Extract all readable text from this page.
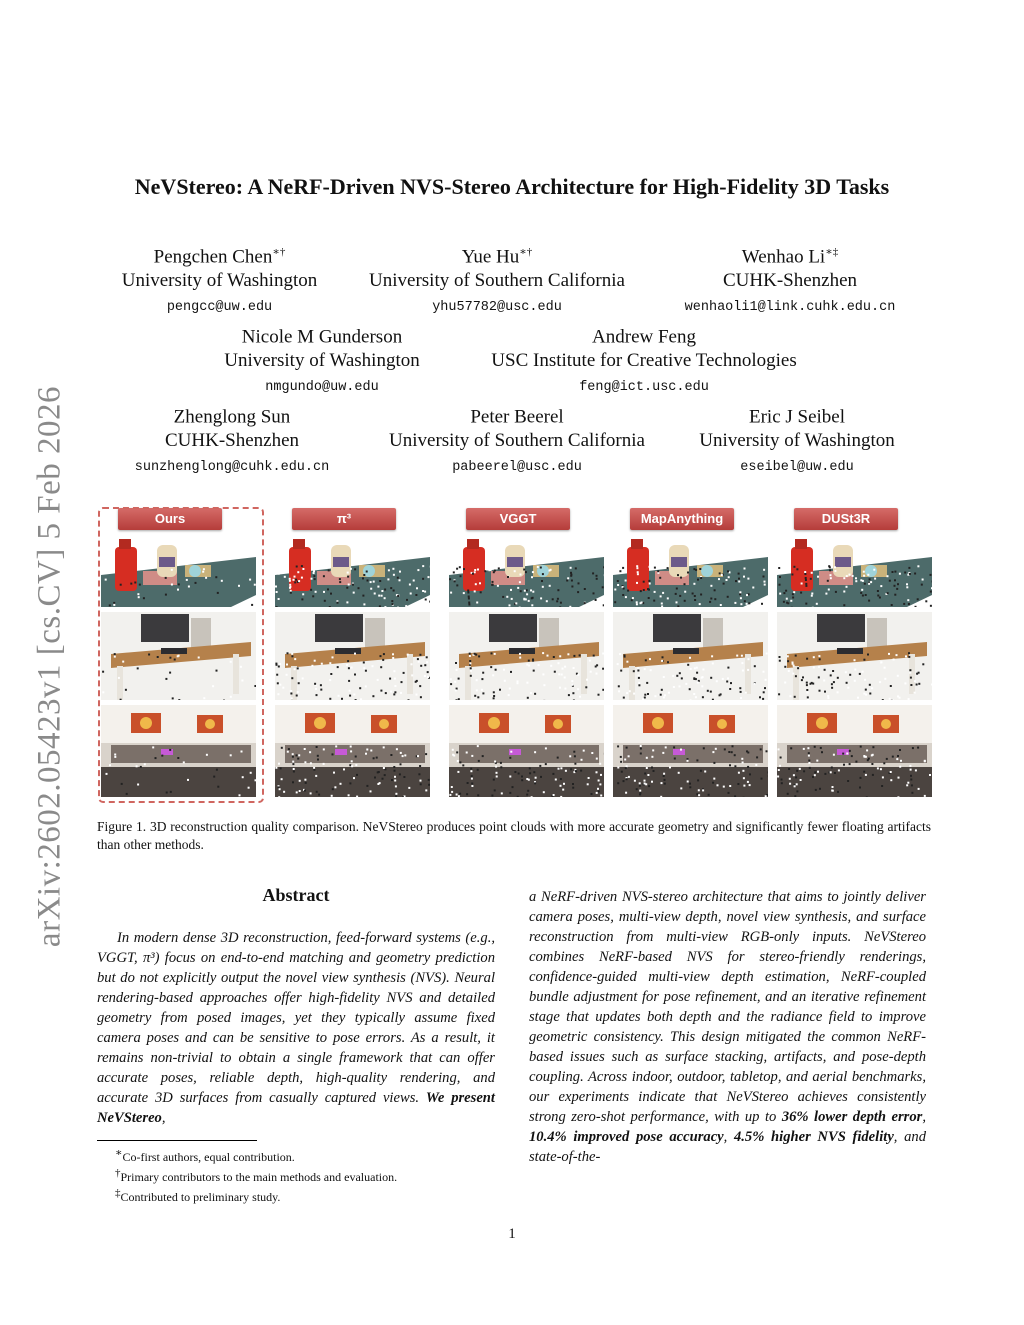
arXiv:2602.05423v1 [cs.CV] 5 Feb 2026
NeVStereo: A NeRF-Driven NVS-Stereo Architecture for High-Fidelity 3D Tasks
Pengchen Chen∗†
University of Washington
pengcc@uw.edu
Yue Hu∗†
University of Southern California
yhu57782@usc.edu
Wenhao Li∗‡
CUHK-Shenzhen
wenhaoli1@link.cuhk.edu.cn
Nicole M Gunderson
University of Washington
nmgundo@uw.edu
Andrew Feng
USC Institute for Creative Technologies
feng@ict.usc.edu
Zhenglong Sun
CUHK-Shenzhen
sunzhenglong@cuhk.edu.cn
Peter Beerel
University of Southern California
pabeerel@usc.edu
Eric J Seibel
University of Washington
eseibel@uw.edu
Ours	π³	VGGT	MapAnything	DUSt3R
Figure 1. 3D reconstruction quality comparison. NeVStereo produces point clouds with more accurate geometry and significantly fewer floating artifacts than other methods.
Abstract
In modern dense 3D reconstruction, feed-forward systems (e.g., VGGT, π³) focus on end-to-end matching and geometry prediction but do not explicitly output the novel view synthesis (NVS). Neural rendering-based approaches offer high-fidelity NVS and detailed geometry from posed images, yet they typically assume fixed camera poses and can be sensitive to pose errors. As a result, it remains non-trivial to obtain a single framework that can offer accurate poses, reliable depth, high-quality rendering, and accurate 3D surfaces from casually captured views. We present NeVStereo,
a NeRF-driven NVS-stereo architecture that aims to jointly deliver camera poses, multi-view depth, novel view synthesis, and surface reconstruction from multi-view RGB-only inputs. NeVStereo combines NeRF-based NVS for stereo-friendly renderings, confidence-guided multi-view depth estimation, NeRF-coupled bundle adjustment for pose refinement, and an iterative refinement stage that updates both depth and the radiance field to improve geometric consistency. This design mitigated the common NeRF-based issues such as surface stacking, artifacts, and pose-depth coupling. Across indoor, outdoor, tabletop, and aerial benchmarks, our experiments indicate that NeVStereo achieves consistently strong zero-shot performance, with up to 36% lower depth error, 10.4% improved pose accuracy, 4.5% higher NVS fidelity, and state-of-the-
∗Co-first authors, equal contribution.
†Primary contributors to the main methods and evaluation.
‡Contributed to preliminary study.
1
